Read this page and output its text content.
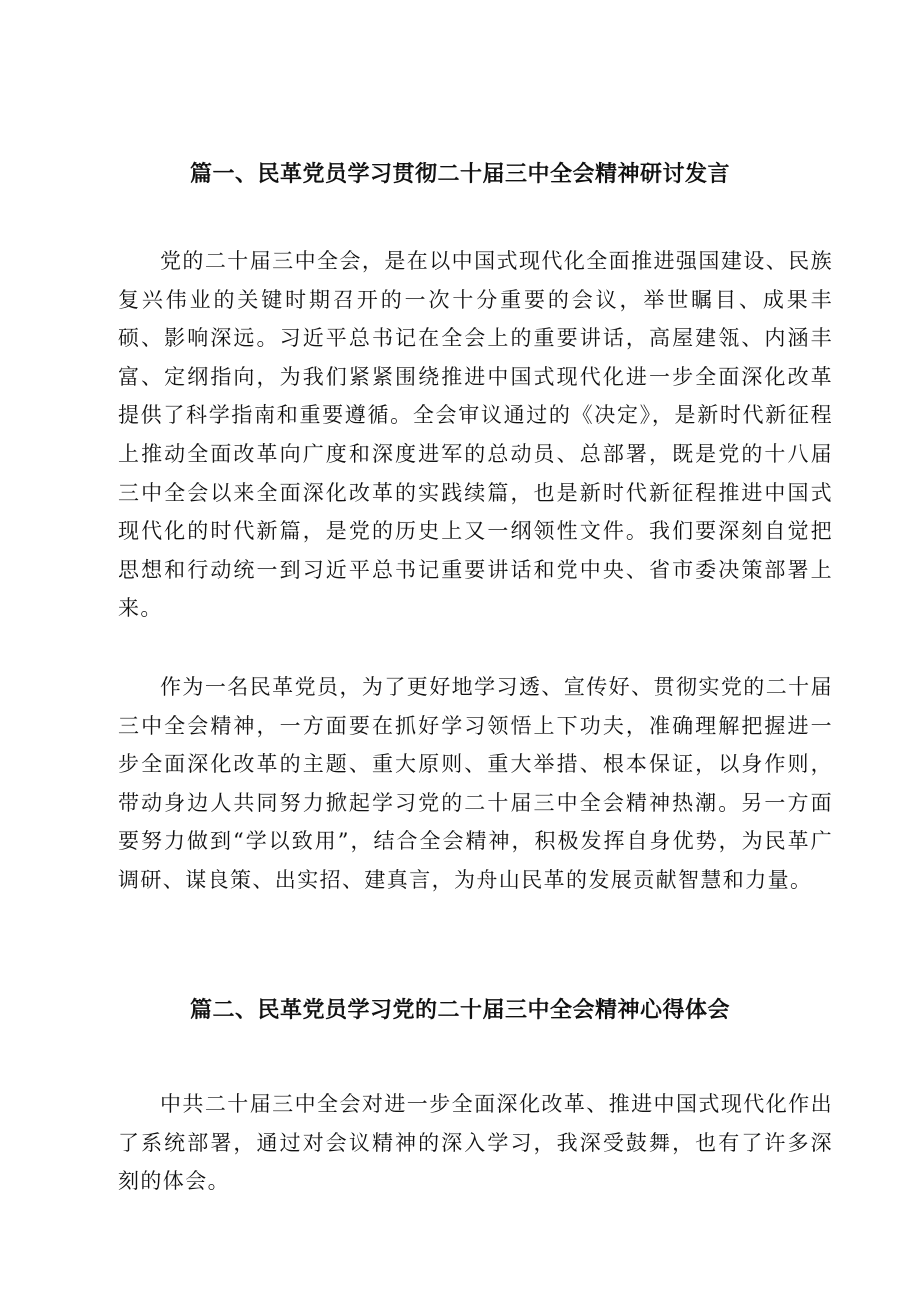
篇一、民革党员学习贯彻二十届三中全会精神研讨发言

党的二十届三中全会，是在以中国式现代化全面推进强国建设、民族复兴伟业的关键时期召开的一次十分重要的会议，举世瞩目、成果丰硕、影响深远。习近平总书记在全会上的重要讲话，高屋建瓴、内涵丰富、定纲指向，为我们紧紧围绕推进中国式现代化进一步全面深化改革提供了科学指南和重要遵循。全会审议通过的《决定》，是新时代新征程上推动全面改革向广度和深度进军的总动员、总部署，既是党的十八届三中全会以来全面深化改革的实践续篇，也是新时代新征程推进中国式现代化的时代新篇，是党的历史上又一纲领性文件。我们要深刻自觉把思想和行动统一到习近平总书记重要讲话和党中央、省市委决策部署上来。

作为一名民革党员，为了更好地学习透、宣传好、贯彻实党的二十届三中全会精神，一方面要在抓好学习领悟上下功夫，准确理解把握进一步全面深化改革的主题、重大原则、重大举措、根本保证，以身作则，带动身边人共同努力掀起学习党的二十届三中全会精神热潮。另一方面要努力做到“学以致用”，结合全会精神，积极发挥自身优势，为民革广调研、谋良策、出实招、建真言，为舟山民革的发展贡献智慧和力量。

篇二、民革党员学习党的二十届三中全会精神心得体会

中共二十届三中全会对进一步全面深化改革、推进中国式现代化作出了系统部署，通过对会议精神的深入学习，我深受鼓舞，也有了许多深刻的体会。
